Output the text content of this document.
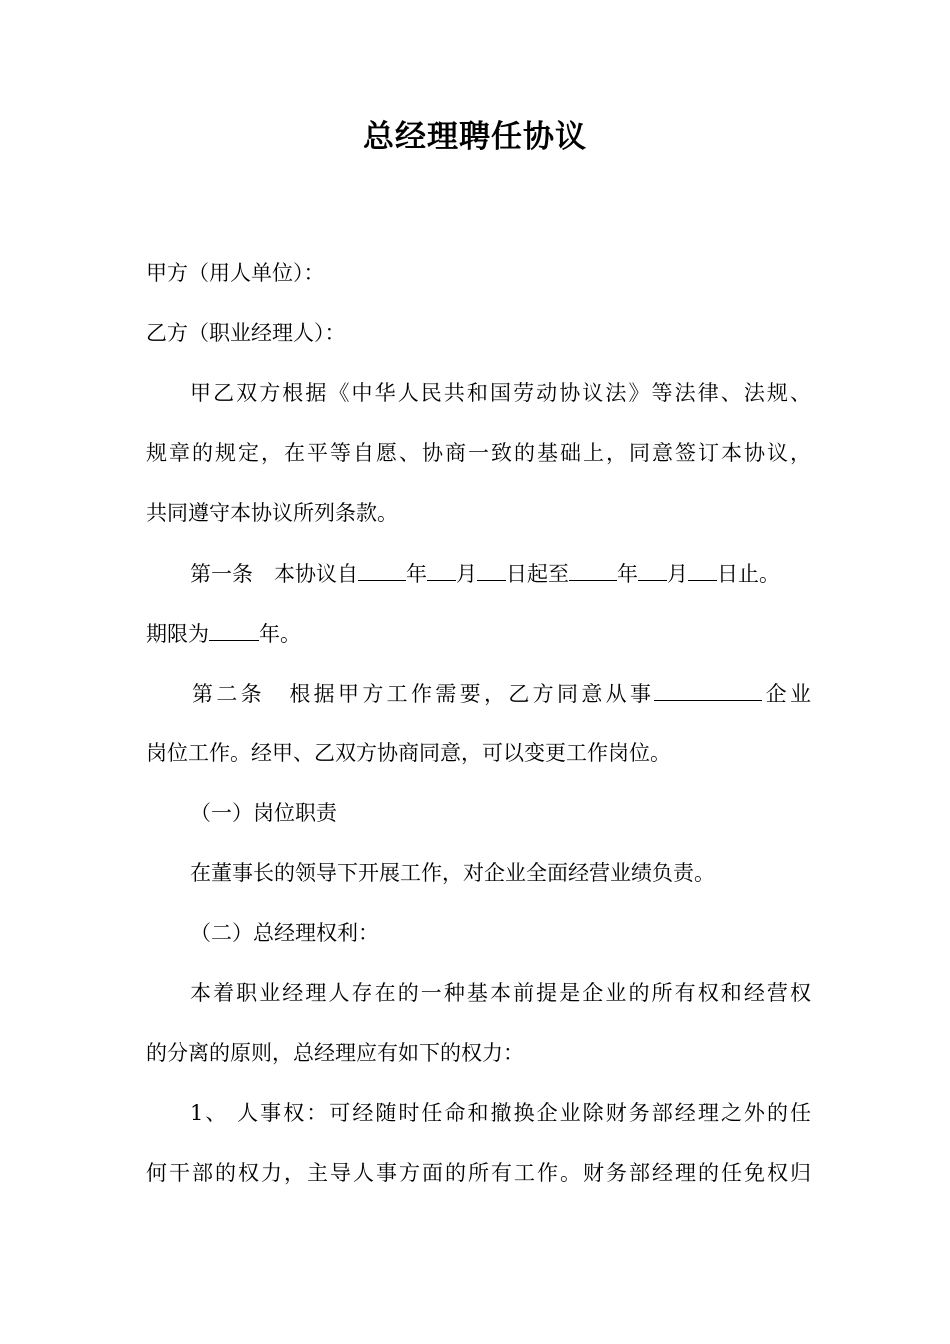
总经理聘任协议
甲方（用人单位）：
乙方（职业经理人）：
甲乙双方根据《中华人民共和国劳动协议法》等法律、法规、
规章的规定，在平等自愿、协商一致的基础上，同意签订本协议，
共同遵守本协议所列条款。
第一条　本协议自 年 月 日起至 年 月 日止。
期限为 年。
第二条　根据甲方工作需要，乙方同意从事	企业
岗位工作。经甲、乙双方协商同意，可以变更工作岗位。
（一）岗位职责
在董事长的领导下开展工作，对企业全面经营业绩负责。
（二）总经理权利：
本着职业经理人存在的一种基本前提是企业的所有权和经营权
的分离的原则，总经理应有如下的权力：
1、 人事权：可经随时任命和撤换企业除财务部经理之外的任
何干部的权力，主导人事方面的所有工作。财务部经理的任免权归
